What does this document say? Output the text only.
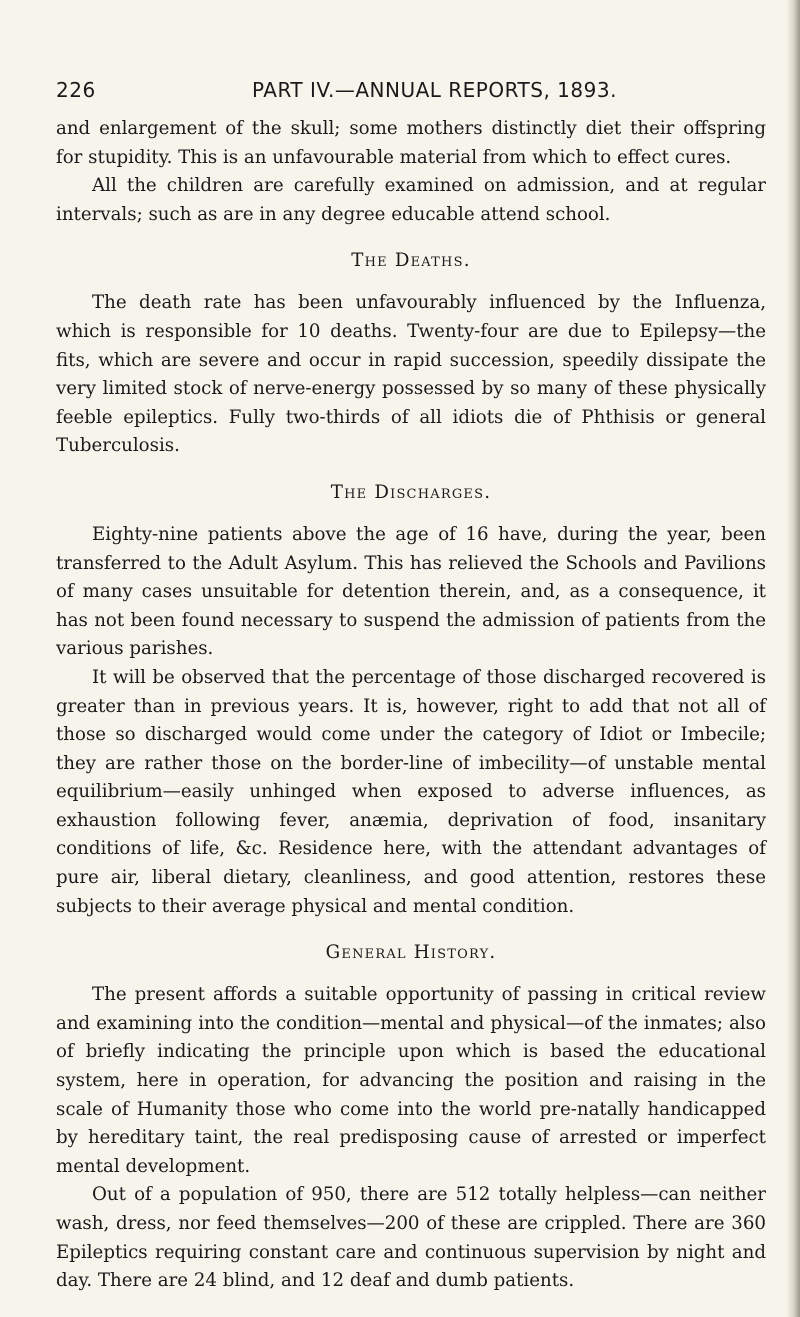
226	PART IV.—ANNUAL REPORTS, 1893.

and enlargement of the skull; some mothers distinctly diet their offspring for stupidity. This is an unfavourable material from which to effect cures.

All the children are carefully examined on admission, and at regular intervals; such as are in any degree educable attend school.

The Deaths.

The death rate has been unfavourably influenced by the Influenza, which is responsible for 10 deaths. Twenty-four are due to Epilepsy—the fits, which are severe and occur in rapid succession, speedily dissipate the very limited stock of nerve-energy possessed by so many of these physically feeble epileptics. Fully two-thirds of all idiots die of Phthisis or general Tuberculosis.

The Discharges.

Eighty-nine patients above the age of 16 have, during the year, been transferred to the Adult Asylum. This has relieved the Schools and Pavilions of many cases unsuitable for detention therein, and, as a consequence, it has not been found necessary to suspend the admission of patients from the various parishes.

It will be observed that the percentage of those discharged recovered is greater than in previous years. It is, however, right to add that not all of those so discharged would come under the category of Idiot or Imbecile; they are rather those on the border-line of imbecility—of unstable mental equilibrium—easily unhinged when exposed to adverse influences, as exhaustion following fever, anæmia, deprivation of food, insanitary conditions of life, &c. Residence here, with the attendant advantages of pure air, liberal dietary, cleanliness, and good attention, restores these subjects to their average physical and mental condition.

General History.

The present affords a suitable opportunity of passing in critical review and examining into the condition—mental and physical—of the inmates; also of briefly indicating the principle upon which is based the educational system, here in operation, for advancing the position and raising in the scale of Humanity those who come into the world pre-natally handicapped by hereditary taint, the real predisposing cause of arrested or imperfect mental development.

Out of a population of 950, there are 512 totally helpless—can neither wash, dress, nor feed themselves—200 of these are crippled. There are 360 Epileptics requiring constant care and continuous supervision by night and day. There are 24 blind, and 12 deaf and dumb patients.
